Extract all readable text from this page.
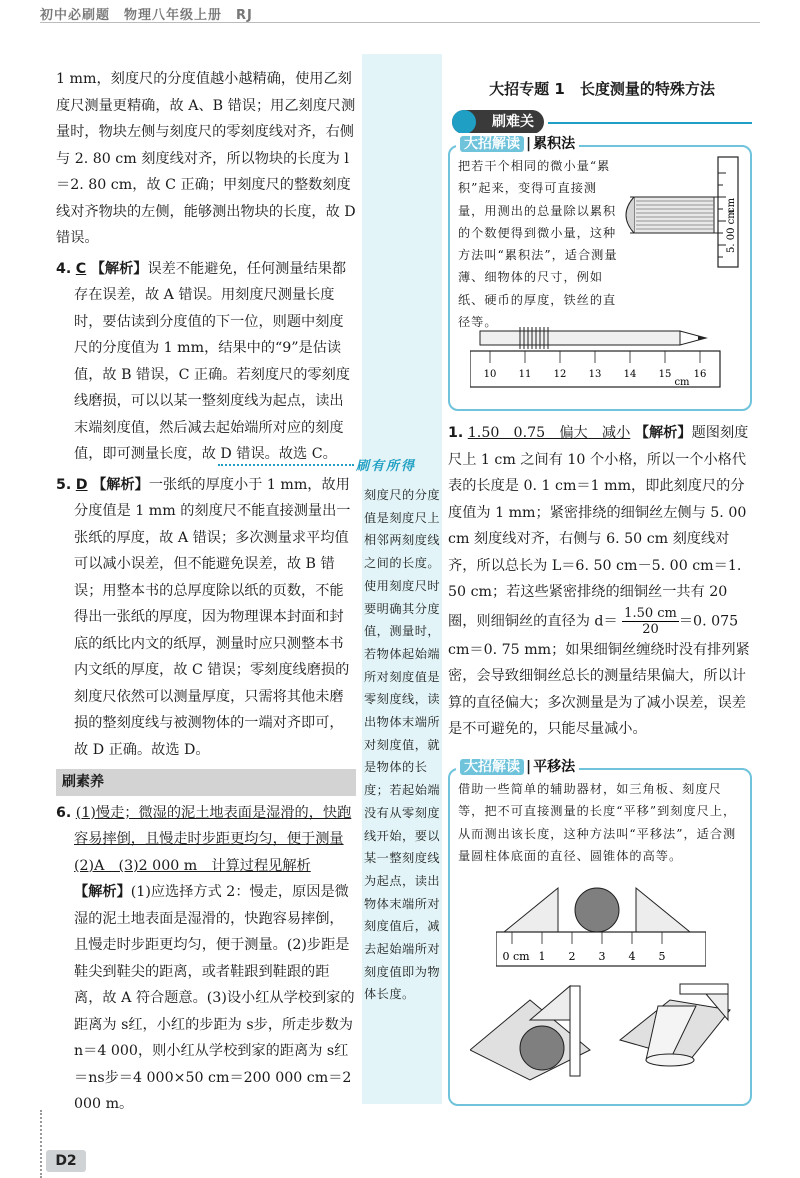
初中必刷题　物理八年级上册　RJ

1 mm，刻度尺的分度值越小越精确，使用乙刻度尺测量更精确，故 A、B 错误；用乙刻度尺测量时，物块左侧与刻度尺的零刻度线对齐，右侧与 2. 80 cm 刻度线对齐，所以物块的长度为 l＝2. 80 cm，故 C 正确；甲刻度尺的整数刻度线对齐物块的左侧，能够测出物块的长度，故 D 错误。

4. C 【解析】误差不能避免，任何测量结果都存在误差，故 A 错误。用刻度尺测量长度时，要估读到分度值的下一位，则题中刻度尺的分度值为 1 mm，结果中的“9”是估读值，故 B 错误，C 正确。若刻度尺的零刻度线磨损，可以以某一整刻度线为起点，读出末端刻度值，然后减去起始端所对应的刻度值，即可测量长度，故 D 错误。故选 C。

5. D 【解析】一张纸的厚度小于 1 mm，故用分度值是 1 mm 的刻度尺不能直接测量出一张纸的厚度，故 A 错误；多次测量求平均值可以减小误差，但不能避免误差，故 B 错误；用整本书的总厚度除以纸的页数，不能得出一张纸的厚度，因为物理课本封面和封底的纸比内文的纸厚，测量时应只测整本书内文纸的厚度，故 C 错误；零刻度线磨损的刻度尺依然可以测量厚度，只需将其他未磨损的整刻度线与被测物体的一端对齐即可，故 D 正确。故选 D。

刷素养

6. (1)慢走；微湿的泥土地表面是湿滑的，快跑容易摔倒，且慢走时步距更均匀，便于测量
(2)A　(3)2 000 m　计算过程见解析
【解析】(1)应选择方式 2：慢走，原因是微湿的泥土地表面是湿滑的，快跑容易摔倒，且慢走时步距更均匀，便于测量。(2)步距是鞋尖到鞋尖的距离，或者鞋跟到鞋跟的距离，故 A 符合题意。(3)设小红从学校到家的距离为 s红，小红的步距为 s步，所走步数为 n＝4 000，则小红从学校到家的距离为 s红＝ns步＝4 000×50 cm＝200 000 cm＝2 000 m。

刷有所得
刻度尺的分度值是刻度尺上相邻两刻度线之间的长度。使用刻度尺时要明确其分度值，测量时，若物体起始端所对刻度值是零刻度线，读出物体末端所对刻度值，就是物体的长度；若起始端没有从零刻度线开始，要以某一整刻度线为起点，读出物体末端所对刻度值后，减去起始端所对刻度值即为物体长度。
大招专题 1　长度测量的特殊方法
刷难关
大招解读 | 累积法
把若干个相同的微小量“累积”起来，变得可直接测量，用测出的总量除以累积的个数便得到微小量，这种方法叫“累积法”，适合测量薄、细物体的尺寸，例如纸、硬币的厚度，铁丝的直径等。
5. 00 cm
cm
10 11 12 13 14 15 16
cm

1. 1.50　0.75　偏大　减小 【解析】题图刻度尺上 1 cm 之间有 10 个小格，所以一个小格代表的长度是 0. 1 cm＝1 mm，即此刻度尺的分度值为 1 mm；紧密排绕的细铜丝左侧与 5. 00 cm 刻度线对齐，右侧与 6. 50 cm 刻度线对齐，所以总长为 L＝6. 50 cm－5. 00 cm＝1. 50 cm；若这些紧密排绕的细铜丝一共有 20 圈，则细铜丝的直径为 $d= \frac{1.50 cm}{20}=0$. 075　cm＝0. 75 mm；如果细铜丝缠绕时没有排列紧密，会导致细铜丝总长的测量结果偏大，所以计算的直径偏大；多次测量是为了减小误差，误差是不可避免的，只能尽量减小。

大招解读 | 平移法
借助一些简单的辅助器材，如三角板、刻度尺等，把不可直接测量的长度“平移”到刻度尺上，从而测出该长度，这种方法叫“平移法”，适合测量圆柱体底面的直径、圆锥体的高等。
0 cm 1 2 3 4 5
D2
